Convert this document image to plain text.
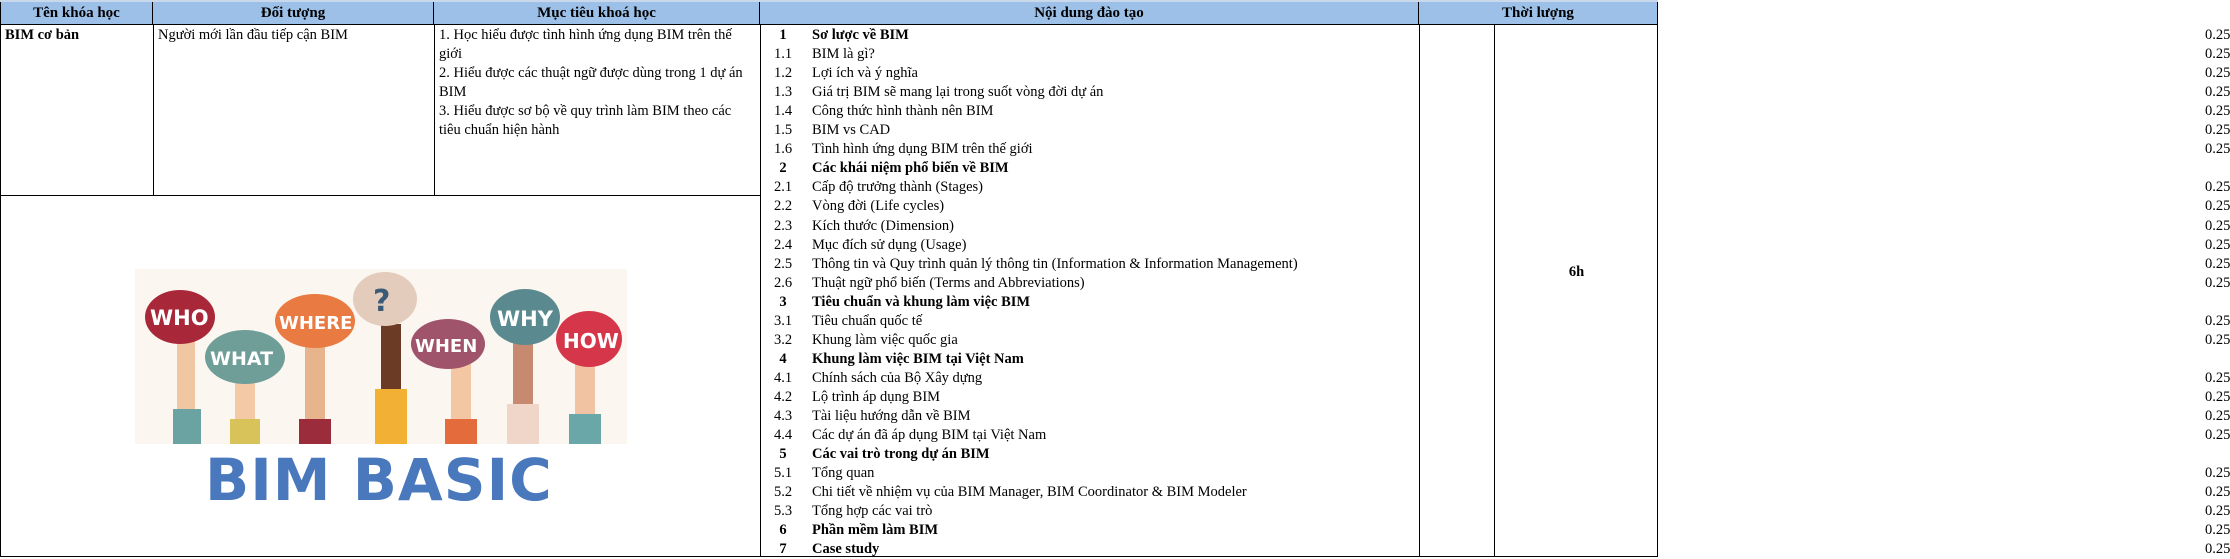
Tên khóa học	Đối tượng	Mục tiêu khoá học	Nội dung đào tạo	Thời lượng
BIM cơ bản	Người mới lần đầu tiếp cận BIM	1. Học hiểu được tình hình ứng dụng BIM trên thế
giới
2. Hiểu được các thuật ngữ được dùng trong 1 dự án
BIM
3. Hiểu được sơ bộ về quy trình làm BIM theo các
tiêu chuẩn hiện hành
WHO
WHAT
WHERE
?
WHEN
WHY
HOW
BIM BASIC
1	Sơ lược về BIM	0.25
1.1	BIM là gì?	0.25
1.2	Lợi ích và ý nghĩa	0.25
1.3	Giá trị BIM sẽ mang lại trong suốt vòng đời dự án	0.25
1.4	Công thức hình thành nên BIM	0.25
1.5	BIM vs CAD	0.25
1.6	Tình hình ứng dụng BIM trên thế giới	0.25
2	Các khái niệm phổ biến về BIM
2.1	Cấp độ trưởng thành (Stages)	0.25
2.2	Vòng đời (Life cycles)	0.25
2.3	Kích thước (Dimension)	0.25
2.4	Mục đích sử dụng (Usage)	0.25
2.5	Thông tin và Quy trình quản lý thông tin (Information & Information Management)	0.25
2.6	Thuật ngữ phổ biến (Terms and Abbreviations)	0.25
3	Tiêu chuẩn và khung làm việc BIM
3.1	Tiêu chuẩn quốc tế	0.25
3.2	Khung làm việc quốc gia	0.25
4	Khung làm việc BIM tại Việt Nam
4.1	Chính sách của Bộ Xây dựng	0.25
4.2	Lộ trình áp dụng BIM	0.25
4.3	Tài liệu hướng dẫn về BIM	0.25
4.4	Các dự án đã áp dụng BIM tại Việt Nam	0.25
5	Các vai trò trong dự án BIM
5.1	Tổng quan	0.25
5.2	Chi tiết về nhiệm vụ của BIM Manager, BIM Coordinator & BIM Modeler	0.25
5.3	Tổng hợp các vai trò	0.25
6	Phần mềm làm BIM	0.25
7	Case study	0.25
6h
